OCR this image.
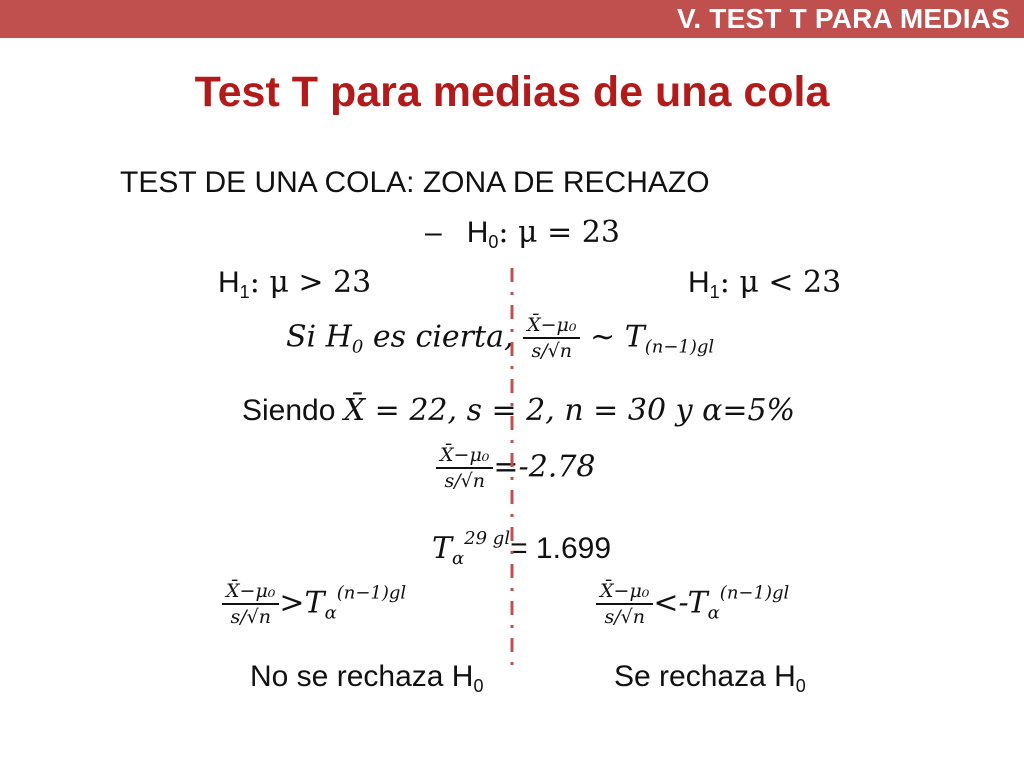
V. TEST T PARA MEDIAS
Test T para medias de una cola
TEST DE UNA COLA: ZONA DE RECHAZO
– $H_0$: μ = 23
$H_1$: μ > 23	$H_1$: μ < 23
Si $H_0$ es cierta, $\frac{\text{X̄−μ₀}}{s/√n}$ ∼ $T_{(n-1)gl}$
Siendo X̄ = 22, s = 2, n = 30 y α=5%
$\frac{\text{X̄−μ₀}}{s/√n} =-2.78$
$T_\alpha^{29 gl}= 1.699$
$\frac{\text{X̄−μ₀}}{s/√n} >T_\alpha^{(n-1)gl}$	$\frac{\text{X̄−μ₀}}{s/√n} <-T_\alpha^{(n-1)gl}$
No se rechaza $H_0$	Se rechaza $H_0$
